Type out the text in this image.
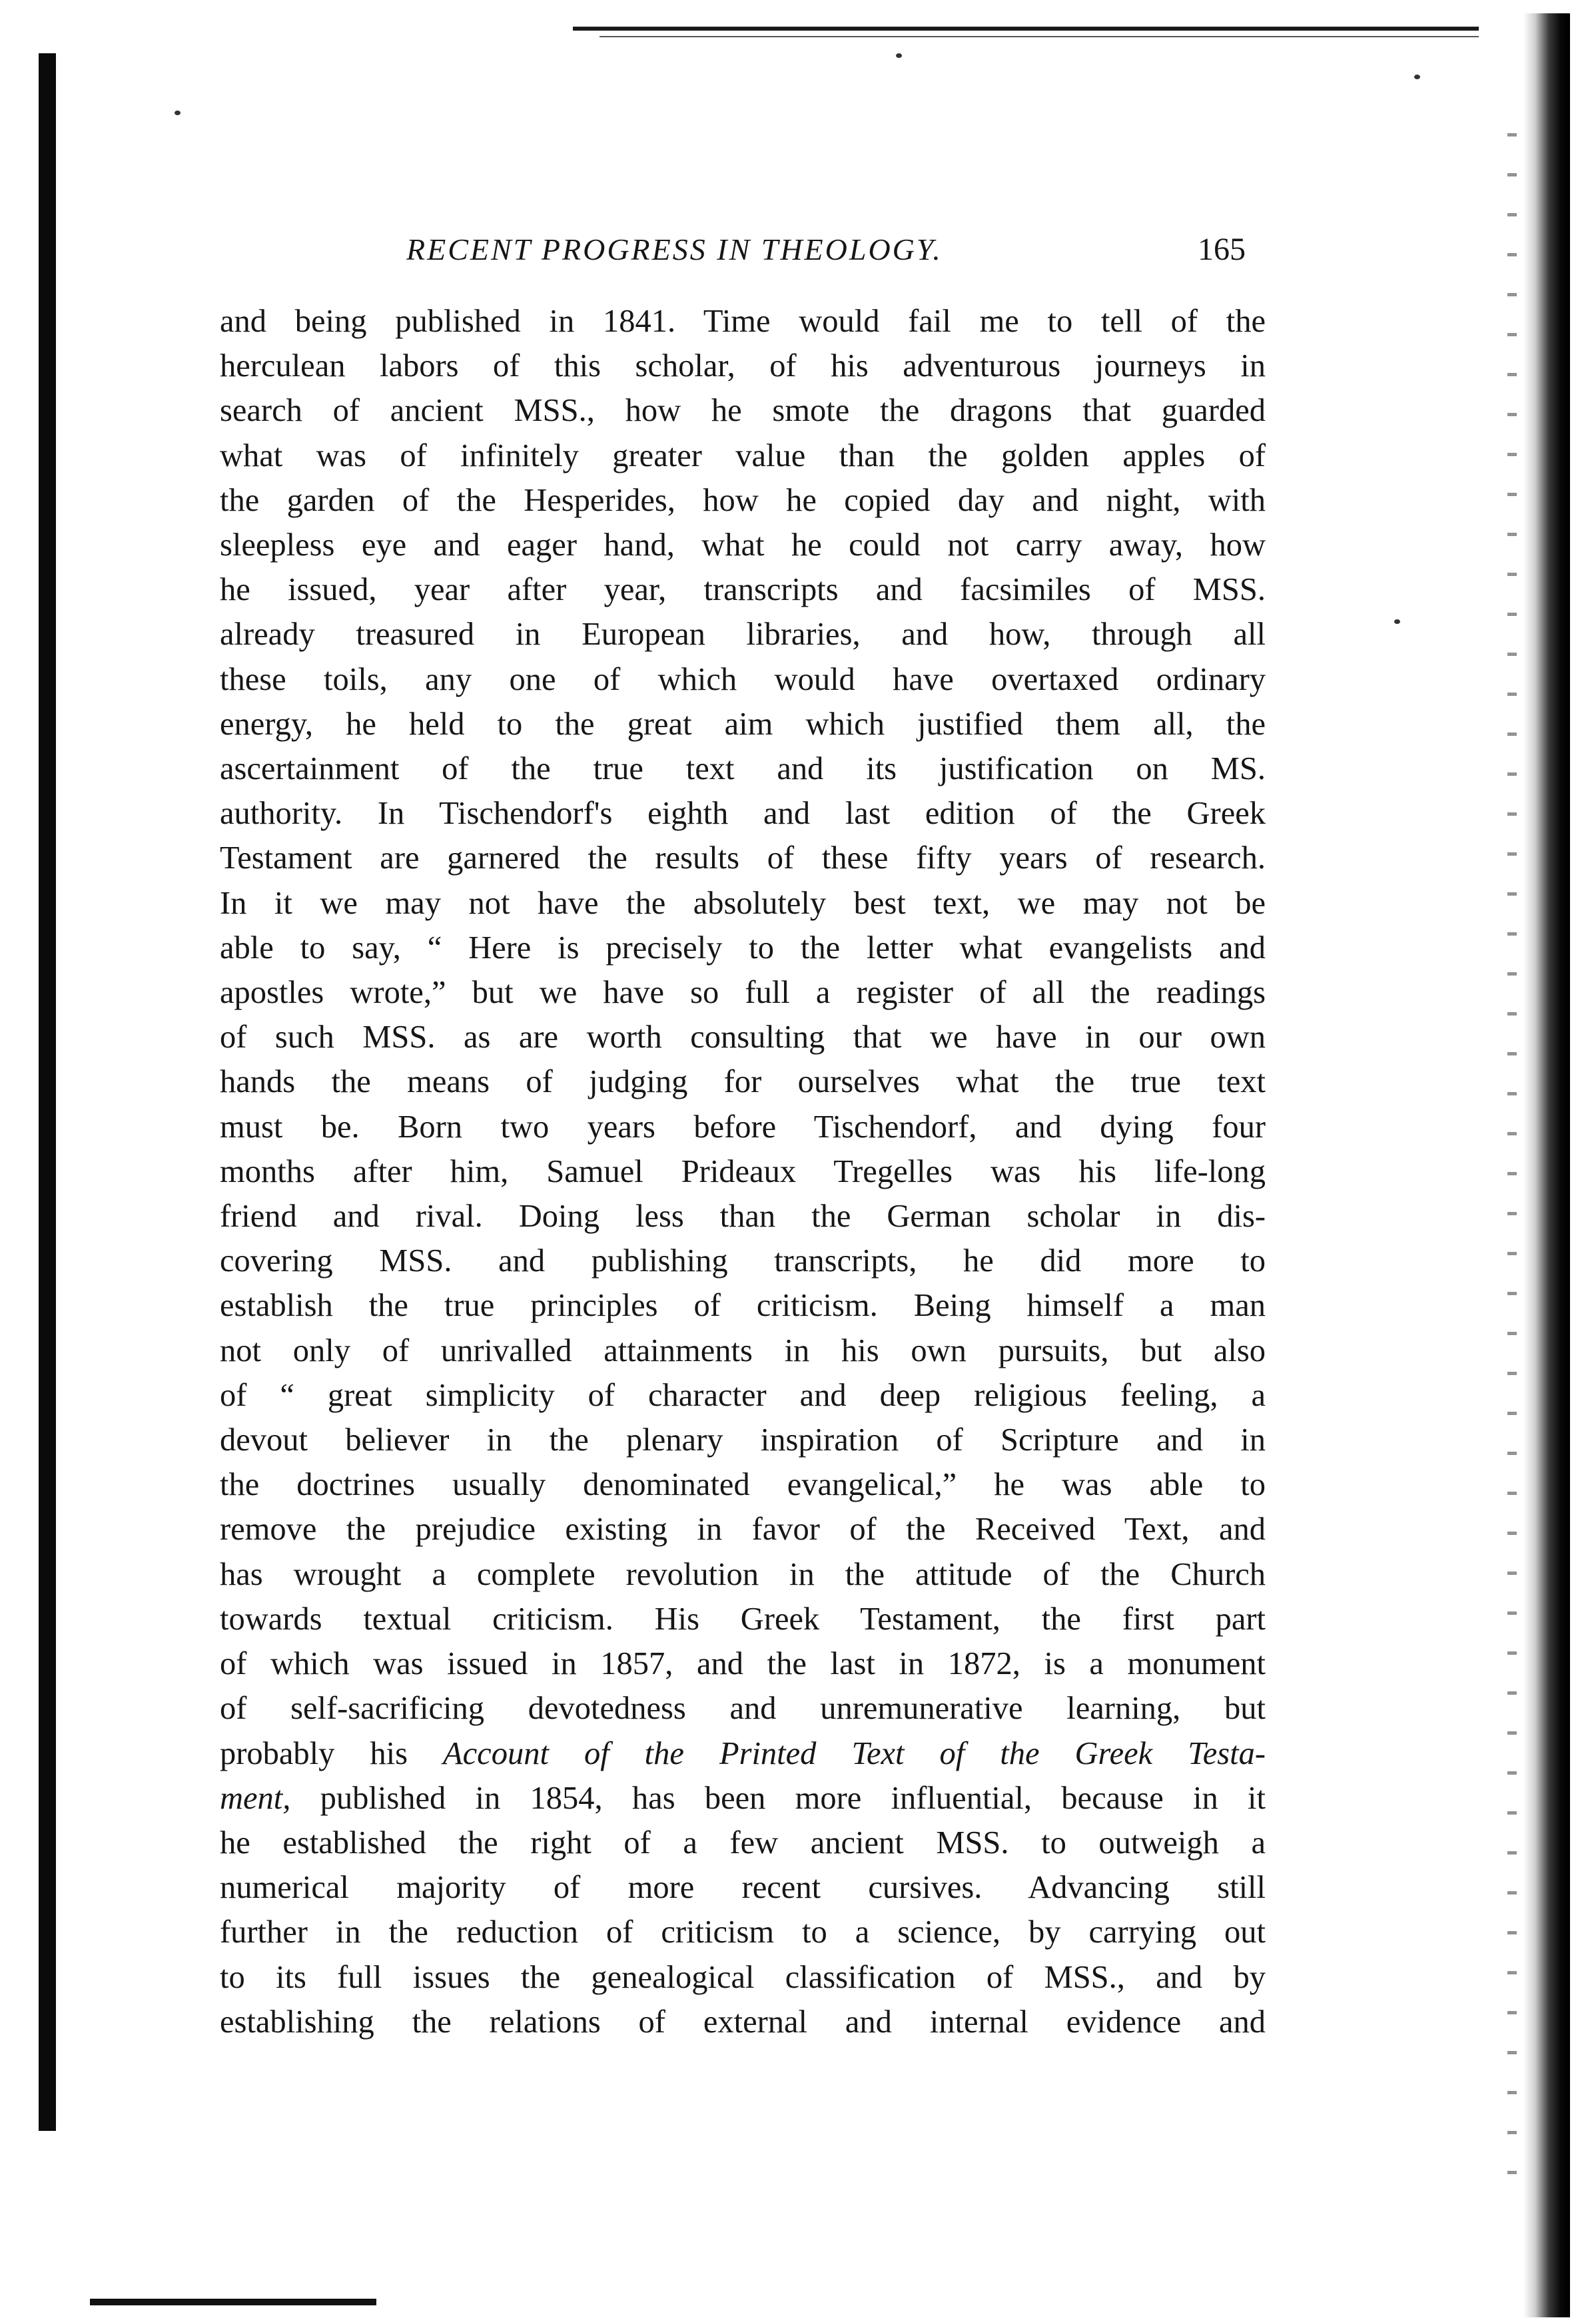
RECENT PROGRESS IN THEOLOGY.	165
and being published in 1841. Time would fail me to tell of the
herculean labors of this scholar, of his adventurous journeys in
search of ancient MSS., how he smote the dragons that guarded
what was of infinitely greater value than the golden apples of
the garden of the Hesperides, how he copied day and night, with
sleepless eye and eager hand, what he could not carry away, how
he issued, year after year, transcripts and facsimiles of MSS.
already treasured in European libraries, and how, through all
these toils, any one of which would have overtaxed ordinary
energy, he held to the great aim which justified them all, the
ascertainment of the true text and its justification on MS.
authority. In Tischendorf's eighth and last edition of the Greek
Testament are garnered the results of these fifty years of research.
In it we may not have the absolutely best text, we may not be
able to say, “ Here is precisely to the letter what evangelists and
apostles wrote,” but we have so full a register of all the readings
of such MSS. as are worth consulting that we have in our own
hands the means of judging for ourselves what the true text
must be. Born two years before Tischendorf, and dying four
months after him, Samuel Prideaux Tregelles was his life-long
friend and rival. Doing less than the German scholar in dis-
covering MSS. and publishing transcripts, he did more to
establish the true principles of criticism. Being himself a man
not only of unrivalled attainments in his own pursuits, but also
of “ great simplicity of character and deep religious feeling, a
devout believer in the plenary inspiration of Scripture and in
the doctrines usually denominated evangelical,” he was able to
remove the prejudice existing in favor of the Received Text, and
has wrought a complete revolution in the attitude of the Church
towards textual criticism. His Greek Testament, the first part
of which was issued in 1857, and the last in 1872, is a monument
of self-sacrificing devotedness and unremunerative learning, but
probably his Account of the Printed Text of the Greek Testa-
ment, published in 1854, has been more influential, because in it
he established the right of a few ancient MSS. to outweigh a
numerical majority of more recent cursives. Advancing still
further in the reduction of criticism to a science, by carrying out
to its full issues the genealogical classification of MSS., and by
establishing the relations of external and internal evidence and
